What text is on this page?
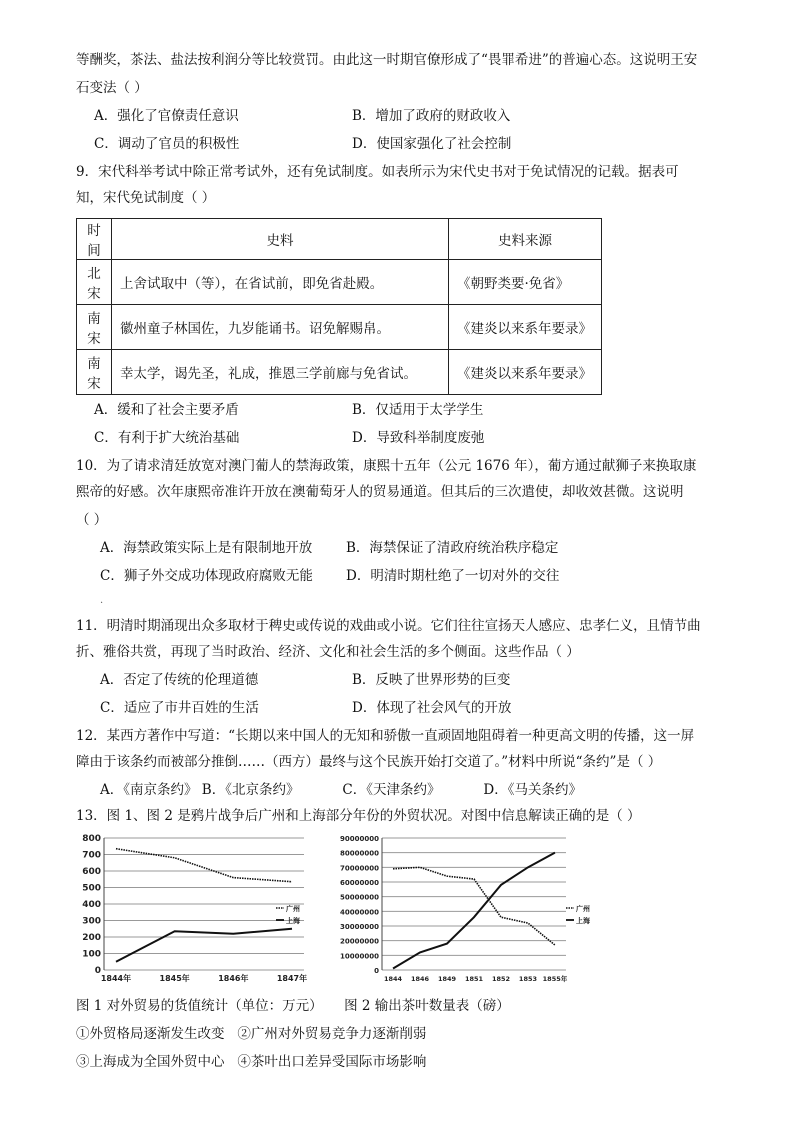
等酬奖，茶法、盐法按利润分等比较赏罚。由此这一时期官僚形成了“畏罪希进”的普遍心态。这说明王安
石变法（ ）
A．强化了官僚责任意识	B．增加了政府的财政收入
C．调动了官员的积极性	D．使国家强化了社会控制
9．宋代科举考试中除正常考试外，还有免试制度。如表所示为宋代史书对于免试情况的记载。据表可
知，宋代免试制度（ ）
时间	史料	史料来源
北宋	上舍试取中（等），在省试前，即免省赴殿。	《朝野类要·免省》
南宋	徽州童子林国佐，九岁能诵书。诏免解赐帛。	《建炎以来系年要录》
南宋	幸太学，谒先圣，礼成，推恩三学前廊与免省试。	《建炎以来系年要录》
A．缓和了社会主要矛盾	B．仅适用于太学学生
C．有利于扩大统治基础	D．导致科举制度废弛
10．为了请求清廷放宽对澳门葡人的禁海政策，康熙十五年（公元 1676 年），葡方通过献狮子来换取康
熙帝的好感。次年康熙帝准许开放在澳葡萄牙人的贸易通道。但其后的三次遣使，却收效甚微。这说明
（ ）
A．海禁政策实际上是有限制地开放	B．海禁保证了清政府统治秩序稳定
C．狮子外交成功体现政府腐败无能 D．明清时期杜绝了一切对外的交往
·
11．明清时期涌现出众多取材于稗史或传说的戏曲或小说。它们往往宣扬天人感应、忠孝仁义，且情节曲
折、雅俗共赏，再现了当时政治、经济、文化和社会生活的多个侧面。这些作品（ ）
A．否定了传统的伦理道德	B．反映了世界形势的巨变
C．适应了市井百姓的生活	D．体现了社会风气的开放
12．某西方著作中写道：“长期以来中国人的无知和骄傲一直顽固地阻碍着一种更高文明的传播，这一屏
障由于该条约而被部分推倒……（西方）最终与这个民族开始打交道了。”材料中所说“条约”是（ ）
A．《南京条约》 B．《北京条约》          C．《天津条约》          D．《马关条约》
13．图 1、图 2 是鸦片战争后广州和上海部分年份的外贸状况。对图中信息解读正确的是（ ）
0
100
200
300
400
500
600
700
800
1844年	1845年	1846年	1847年
广州
上海
0
10000000
20000000
30000000
40000000
50000000
60000000
70000000
80000000
90000000
1844 1846 1849 1851 1852 1853 1855年
广州
上海
图 1 对外贸易的货值统计（单位：万元）     图 2 输出茶叶数量表（磅）
①外贸格局逐渐发生改变   ②广州对外贸易竞争力逐渐削弱
③上海成为全国外贸中心   ④茶叶出口差异受国际市场影响
